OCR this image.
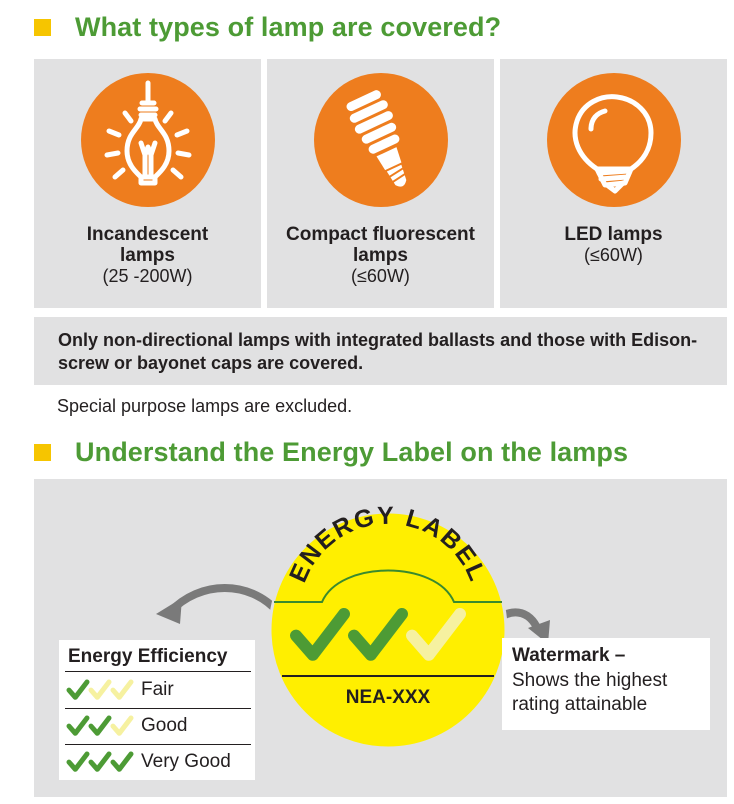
What types of lamp are covered?
Incandescent lamps
(25 -200W)
Compact fluorescent lamps
(≤60W)
LED lamps
(≤60W)
Only non-directional lamps with integrated ballasts and those with Edison-screw or bayonet caps are covered.
Special purpose lamps are excluded.
Understand the Energy Label on the lamps
ENERGY LABEL
NEA-XXX
Energy Efficiency
Fair
Good
Very Good
Watermark –
Shows the highest rating attainable
